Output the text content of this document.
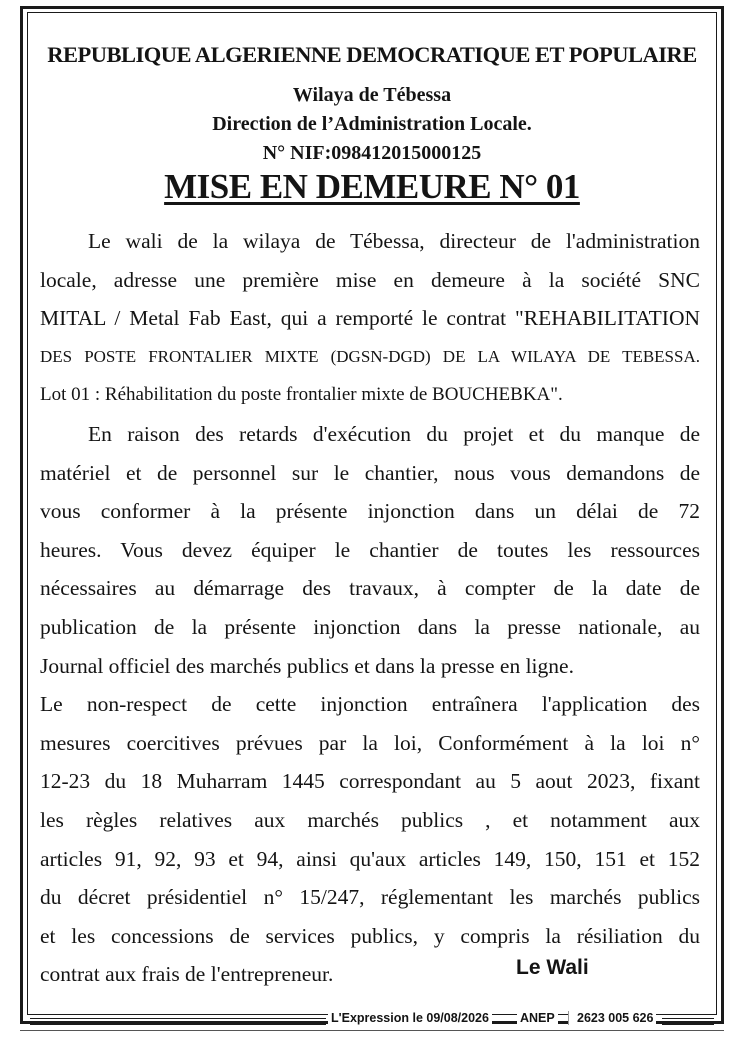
REPUBLIQUE ALGERIENNE DEMOCRATIQUE ET POPULAIRE
Wilaya de Tébessa
Direction de l’Administration Locale.
N° NIF:098412015000125
MISE EN DEMEURE N° 01
Le wali de la wilaya de Tébessa, directeur de l'administration
locale, adresse une première mise en demeure à la société SNC
MITAL / Metal Fab East, qui a remporté le contrat "REHABILITATION
DES POSTE FRONTALIER MIXTE (DGSN-DGD) DE LA WILAYA DE TEBESSA.
Lot 01 : Réhabilitation du poste frontalier mixte de BOUCHEBKA".
En raison des retards d'exécution du projet et du manque de
matériel et de personnel sur le chantier, nous vous demandons de
vous conformer à la présente injonction dans un délai de 72
heures. Vous devez équiper le chantier de toutes les ressources
nécessaires au démarrage des travaux, à compter de la date de
publication de la présente injonction dans la presse nationale, au
Journal officiel des marchés publics et dans la presse en ligne.
Le non-respect de cette injonction entraînera l'application des
mesures coercitives prévues par la loi, Conformément à la loi n°
12-23 du 18 Muharram 1445 correspondant au 5 aout 2023, fixant
les règles relatives aux marchés publics , et notamment aux
articles 91, 92, 93 et 94, ainsi qu'aux articles 149, 150, 151 et 152
du décret présidentiel n° 15/247, réglementant les marchés publics
et les concessions de services publics, y compris la résiliation du
contrat aux frais de l'entrepreneur.	Le Wali
L'Expression le 09/08/2026 ANEP	2623 005 626
